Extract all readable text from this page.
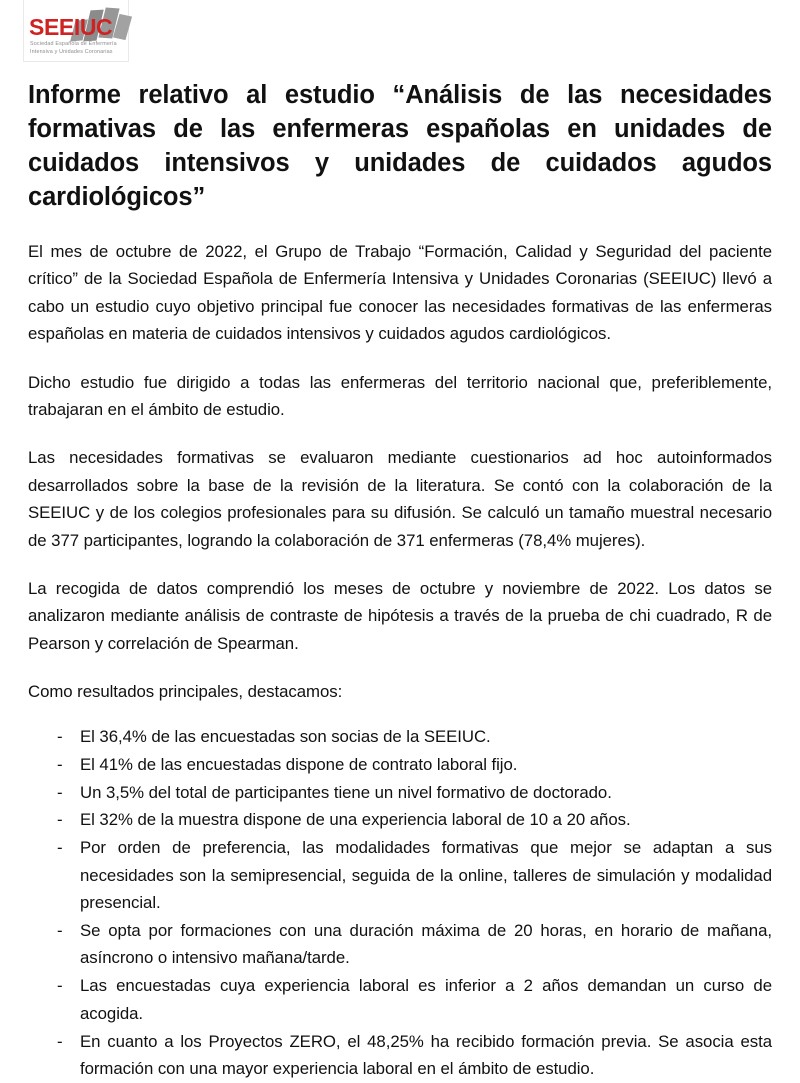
SEEIUC
Sociedad Española de Enfermería
Intensiva y Unidades Coronarias
Informe relativo al estudio “Análisis de las necesidades formativas de las enfermeras españolas en unidades de cuidados intensivos y unidades de cuidados agudos cardiológicos”

El mes de octubre de 2022, el Grupo de Trabajo “Formación, Calidad y Seguridad del paciente crítico” de la Sociedad Española de Enfermería Intensiva y Unidades Coronarias (SEEIUC) llevó a cabo un estudio cuyo objetivo principal fue conocer las necesidades formativas de las enfermeras españolas en materia de cuidados intensivos y cuidados agudos cardiológicos.

Dicho estudio fue dirigido a todas las enfermeras del territorio nacional que, preferiblemente, trabajaran en el ámbito de estudio.

Las necesidades formativas se evaluaron mediante cuestionarios ad hoc autoinformados desarrollados sobre la base de la revisión de la literatura. Se contó con la colaboración de la SEEIUC y de los colegios profesionales para su difusión. Se calculó un tamaño muestral necesario de 377 participantes, logrando la colaboración de 371 enfermeras (78,4% mujeres).

La recogida de datos comprendió los meses de octubre y noviembre de 2022. Los datos se analizaron mediante análisis de contraste de hipótesis a través de la prueba de chi cuadrado, R de Pearson y correlación de Spearman.

Como resultados principales, destacamos:

- El 36,4% de las encuestadas son socias de la SEEIUC.
- El 41% de las encuestadas dispone de contrato laboral fijo.
- Un 3,5% del total de participantes tiene un nivel formativo de doctorado.
- El 32% de la muestra dispone de una experiencia laboral de 10 a 20 años.
- Por orden de preferencia, las modalidades formativas que mejor se adaptan a sus necesidades son la semipresencial, seguida de la online, talleres de simulación y modalidad presencial.
- Se opta por formaciones con una duración máxima de 20 horas, en horario de mañana, asíncrono o intensivo mañana/tarde.
- Las encuestadas cuya experiencia laboral es inferior a 2 años demandan un curso de acogida.
- En cuanto a los Proyectos ZERO, el 48,25% ha recibido formación previa. Se asocia esta formación con una mayor experiencia laboral en el ámbito de estudio.
